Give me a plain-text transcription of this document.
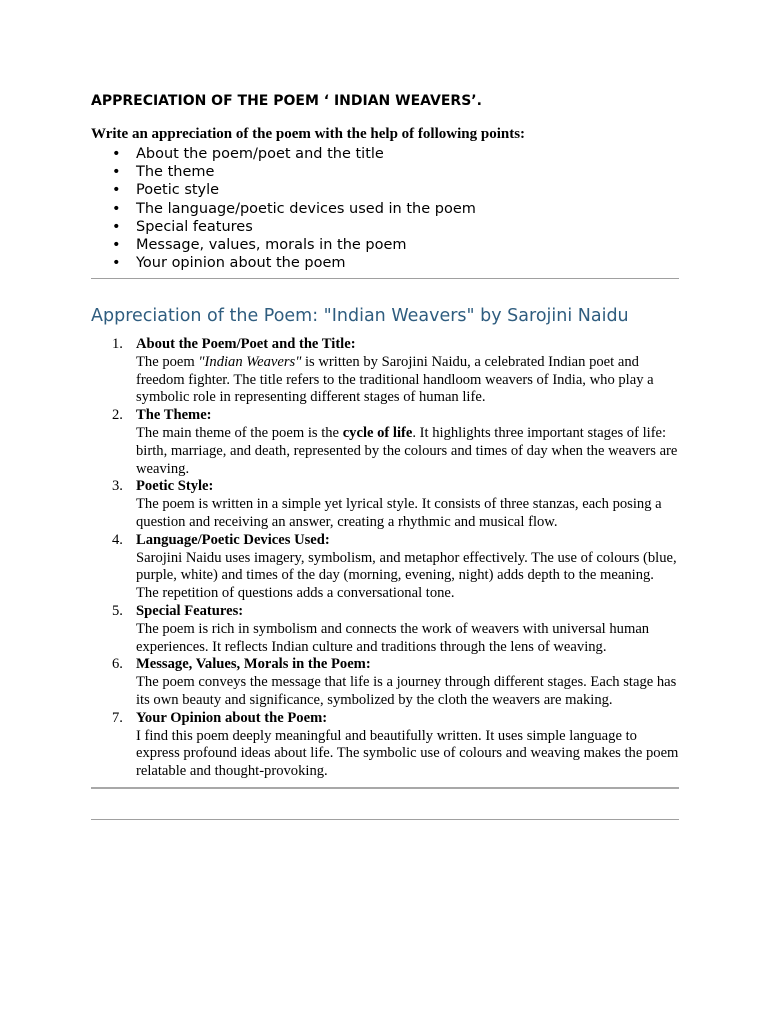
APPRECIATION OF THE POEM ‘ INDIAN WEAVERS’.

Write an appreciation of the poem with the help of following points:

• About the poem/poet and the title
• The theme
• Poetic style
• The language/poetic devices used in the poem
• Special features
• Message, values, morals in the poem
• Your opinion about the poem
Appreciation of the Poem: "Indian Weavers" by Sarojini Naidu
1. About the Poem/Poet and the Title:
The poem "Indian Weavers" is written by Sarojini Naidu, a celebrated Indian poet and freedom fighter. The title refers to the traditional handloom weavers of India, who play a symbolic role in representing different stages of human life.
2. The Theme:
The main theme of the poem is the cycle of life. It highlights three important stages of life: birth, marriage, and death, represented by the colours and times of day when the weavers are weaving.
3. Poetic Style:
The poem is written in a simple yet lyrical style. It consists of three stanzas, each posing a question and receiving an answer, creating a rhythmic and musical flow.
4. Language/Poetic Devices Used:
Sarojini Naidu uses imagery, symbolism, and metaphor effectively. The use of colours (blue, purple, white) and times of the day (morning, evening, night) adds depth to the meaning. The repetition of questions adds a conversational tone.
5. Special Features:
The poem is rich in symbolism and connects the work of weavers with universal human experiences. It reflects Indian culture and traditions through the lens of weaving.
6. Message, Values, Morals in the Poem:
The poem conveys the message that life is a journey through different stages. Each stage has its own beauty and significance, symbolized by the cloth the weavers are making.
7. Your Opinion about the Poem:
I find this poem deeply meaningful and beautifully written. It uses simple language to express profound ideas about life. The symbolic use of colours and weaving makes the poem relatable and thought-provoking.
